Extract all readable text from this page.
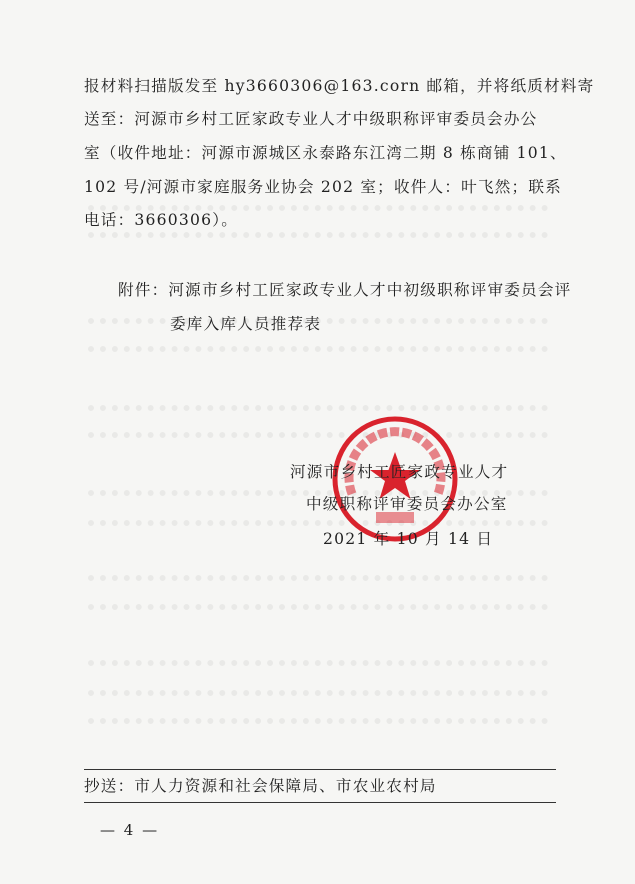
报材料扫描版发至 hy3660306@163.corn 邮箱，并将纸质材料寄
送至：河源市乡村工匠家政专业人才中级职称评审委员会办公
室（收件地址：河源市源城区永泰路东江湾二期 8 栋商铺 101、
102 号/河源市家庭服务业协会 202 室；收件人：叶飞然；联系
电话：3660306）。
附件：河源市乡村工匠家政专业人才中初级职称评审委员会评
委库入库人员推荐表
河源市乡村工匠家政专业人才
中级职称评审委员会办公室
2021 年 10 月 14 日
抄送：市人力资源和社会保障局、市农业农村局
— 4 —
